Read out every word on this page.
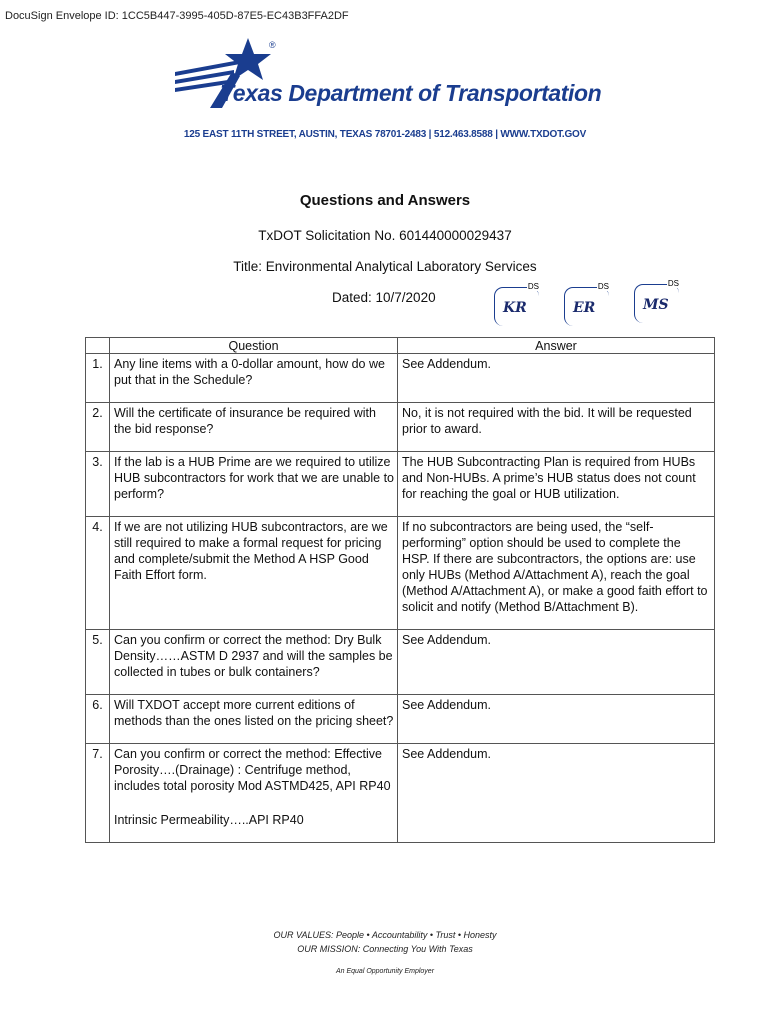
DocuSign Envelope ID: 1CC5B447-3995-405D-87E5-EC43B3FFA2DF
®
Texas Department of Transportation
125 EAST 11TH STREET, AUSTIN, TEXAS 78701-2483 | 512.463.8588 | WWW.TXDOT.GOV
Questions and Answers
TxDOT Solicitation No. 601440000029437
Title: Environmental Analytical Laboratory Services
Dated: 10/7/2020
DS
KR
DS
ER
DS
MS
	Question	Answer
1.	Any line items with a 0-dollar amount, how do we put that in the Schedule?	See Addendum.
2.	Will the certificate of insurance be required with the bid response?	No, it is not required with the bid. It will be requested prior to award.
3.	If the lab is a HUB Prime are we required to utilize HUB subcontractors for work that we are unable to perform?	The HUB Subcontracting Plan is required from HUBs and Non-HUBs. A prime’s HUB status does not count for reaching the goal or HUB utilization.
4.	If we are not utilizing HUB subcontractors, are we still required to make a formal request for pricing and complete/submit the Method A HSP Good Faith Effort form.	If no subcontractors are being used, the “self-performing” option should be used to complete the HSP. If there are subcontractors, the options are: use only HUBs (Method A/Attachment A), reach the goal (Method A/Attachment A), or make a good faith effort to solicit and notify (Method B/Attachment B).
5.	Can you confirm or correct the method: Dry Bulk Density……ASTM D 2937 and will the samples be collected in tubes or bulk containers?	See Addendum.
6.	Will TXDOT accept more current editions of methods than the ones listed on the pricing sheet?	See Addendum.
7.	Can you confirm or correct the method: Effective Porosity….(Drainage) : Centrifuge method, includes total porosity Mod ASTMD425, API RP40
Intrinsic Permeability…..API RP40	See Addendum.
OUR VALUES: People • Accountability • Trust • Honesty
OUR MISSION: Connecting You With Texas
An Equal Opportunity Employer
